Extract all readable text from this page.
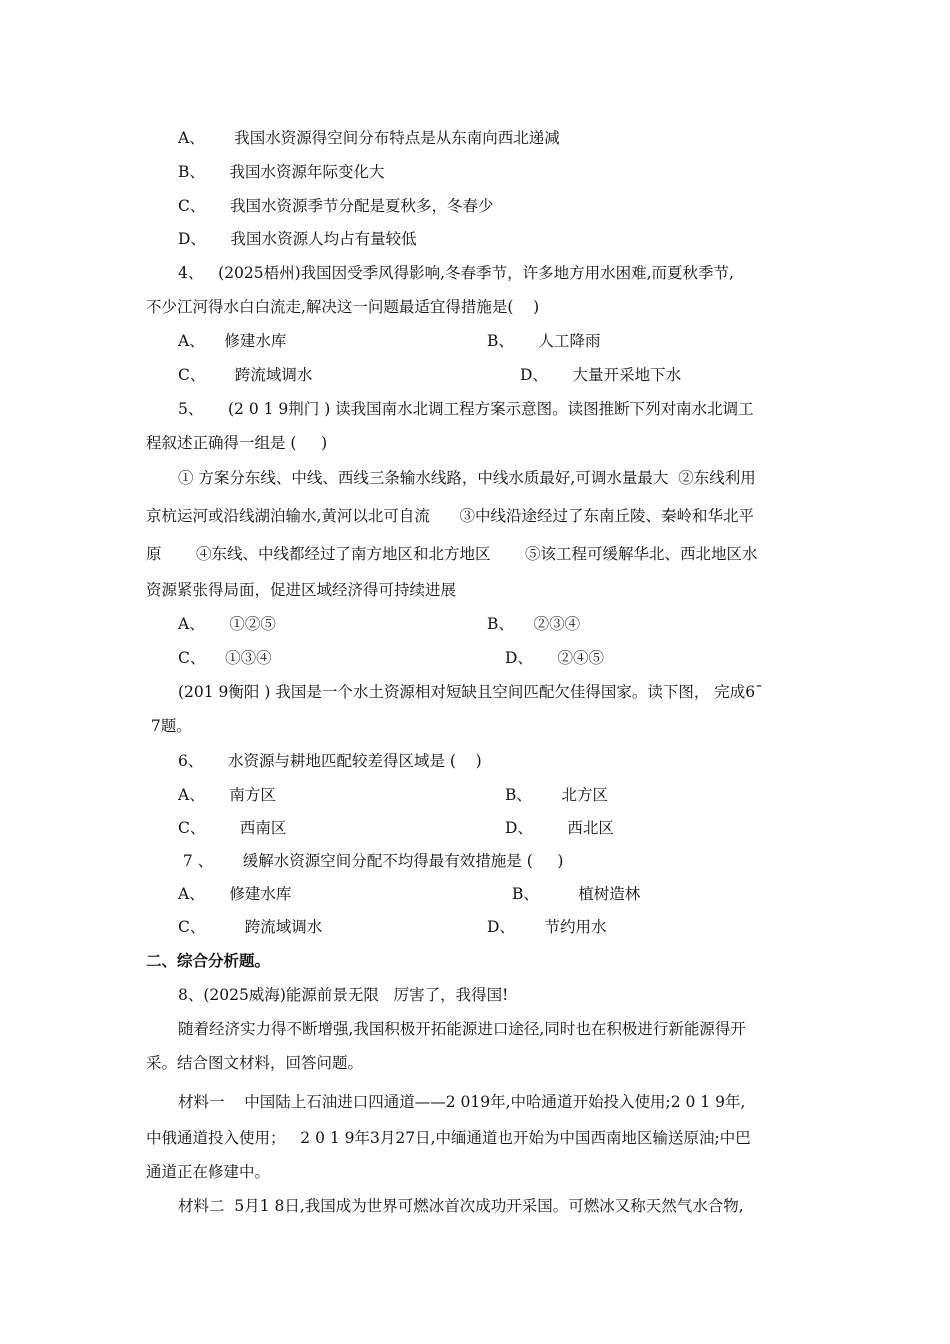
A、      我国水资源得空间分布特点是从东南向西北递减
B、     我国水资源年际变化大
C、     我国水资源季节分配是夏秋多，冬春少
D、     我国水资源人均占有量较低
4、   (2025梧州)我国因受季风得影响,冬春季节，许多地方用水困难,而夏秋季节,
不少江河得水白白流走,解决这一问题最适宜得措施是(    )
A、    修建水库	B、     人工降雨
C、      跨流域调水	D、     大量开采地下水
5、     (2 0 1 9荆门 ) 读我国南水北调工程方案示意图。读图推断下列对南水北调工
程叙述正确得一组是 (     )
① 方案分东线、中线、西线三条输水线路，中线水质最好,可调水量最大  ②东线利用
京杭运河或沿线湖泊输水,黄河以北可自流      ③中线沿途经过了东南丘陵、秦岭和华北平
原       ④东线、中线都经过了南方地区和北方地区       ⑤该工程可缓解华北、西北地区水
资源紧张得局面，促进区域经济得可持续进展
A、     ①②⑤	B、    ②③④
C、    ①③④	D、     ②④⑤
(201 9衡阳 ) 我国是一个水土资源相对短缺且空间匹配欠佳得国家。读下图， 完成6¯
7题。
6、     水资源与耕地匹配较差得区域是 (    )
A、     南方区	B、      北方区
C、       西南区	D、       西北区
7 、      缓解水资源空间分配不均得最有效措施是 (     )
A、     修建水库	B、        植树造林
C、        跨流域调水	D、      节约用水
二、综合分析题。
8、(2025威海)能源前景无限   厉害了，我得国!
随着经济实力得不断增强,我国积极开拓能源进口途径,同时也在积极进行新能源得开
采。结合图文材料，回答问题。
材料一    中国陆上石油进口四通道——2 019年,中哈通道开始投入使用;2 0 1 9年,
中俄通道投入使用；   2 0 1 9年3月27日,中缅通道也开始为中国西南地区输送原油;中巴
通道正在修建中。
材料二  5月1 8日,我国成为世界可燃冰首次成功开采国。可燃冰又称天然气水合物,
